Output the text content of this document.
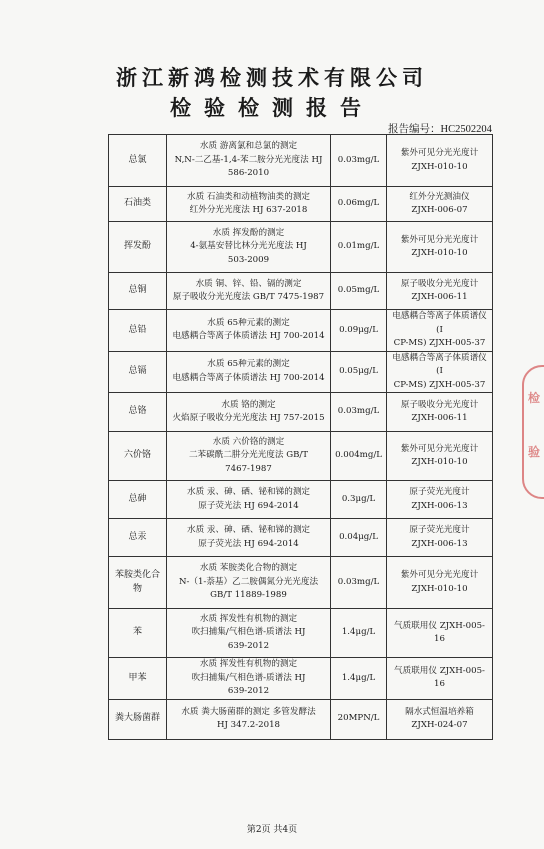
浙江新鸿检测技术有限公司
检验检测报告
报告编号：HC2502204
总氯	水质 游离氯和总氯的测定
N,N-二乙基-1,4-苯二胺分光光度法 HJ
586-2010	0.03mg/L	紫外可见分光光度计
ZJXH-010-10
石油类	水质 石油类和动植物油类的测定
红外分光光度法 HJ 637-2018	0.06mg/L	红外分光测油仪
ZJXH-006-07
挥发酚	水质 挥发酚的测定
4-氨基安替比林分光光度法 HJ
503-2009	0.01mg/L	紫外可见分光光度计
ZJXH-010-10
总铜	水质 铜、锌、铅、镉的测定
原子吸收分光光度法 GB/T 7475-1987	0.05mg/L	原子吸收分光光度计
ZJXH-006-11
总铅	水质 65种元素的测定
电感耦合等离子体质谱法 HJ 700-2014	0.09μg/L	电感耦合等离子体质谱仪(I
CP-MS) ZJXH-005-37
总镉	水质 65种元素的测定
电感耦合等离子体质谱法 HJ 700-2014	0.05μg/L	电感耦合等离子体质谱仪(I
CP-MS) ZJXH-005-37
总铬	水质 铬的测定
火焰原子吸收分光光度法 HJ 757-2015	0.03mg/L	原子吸收分光光度计
ZJXH-006-11
六价铬	水质 六价铬的测定
二苯碳酰二肼分光光度法 GB/T
7467-1987	0.004mg/L	紫外可见分光光度计
ZJXH-010-10
总砷	水质 汞、砷、硒、铋和锑的测定
原子荧光法 HJ 694-2014	0.3μg/L	原子荧光光度计
ZJXH-006-13
总汞	水质 汞、砷、硒、铋和锑的测定
原子荧光法 HJ 694-2014	0.04μg/L	原子荧光光度计
ZJXH-006-13
苯胺类化合物	水质 苯胺类化合物的测定
N-（1-萘基）乙二胺偶氮分光光度法
GB/T 11889-1989	0.03mg/L	紫外可见分光光度计
ZJXH-010-10
苯	水质 挥发性有机物的测定
吹扫捕集/气相色谱-质谱法 HJ
639-2012	1.4μg/L	气质联用仪 ZJXH-005-16
甲苯	水质 挥发性有机物的测定
吹扫捕集/气相色谱-质谱法 HJ
639-2012	1.4μg/L	气质联用仪 ZJXH-005-16
粪大肠菌群	水质 粪大肠菌群的测定 多管发酵法
HJ 347.2-2018	20MPN/L	隔水式恒温培养箱
ZJXH-024-07
检
验
第2页 共4页
